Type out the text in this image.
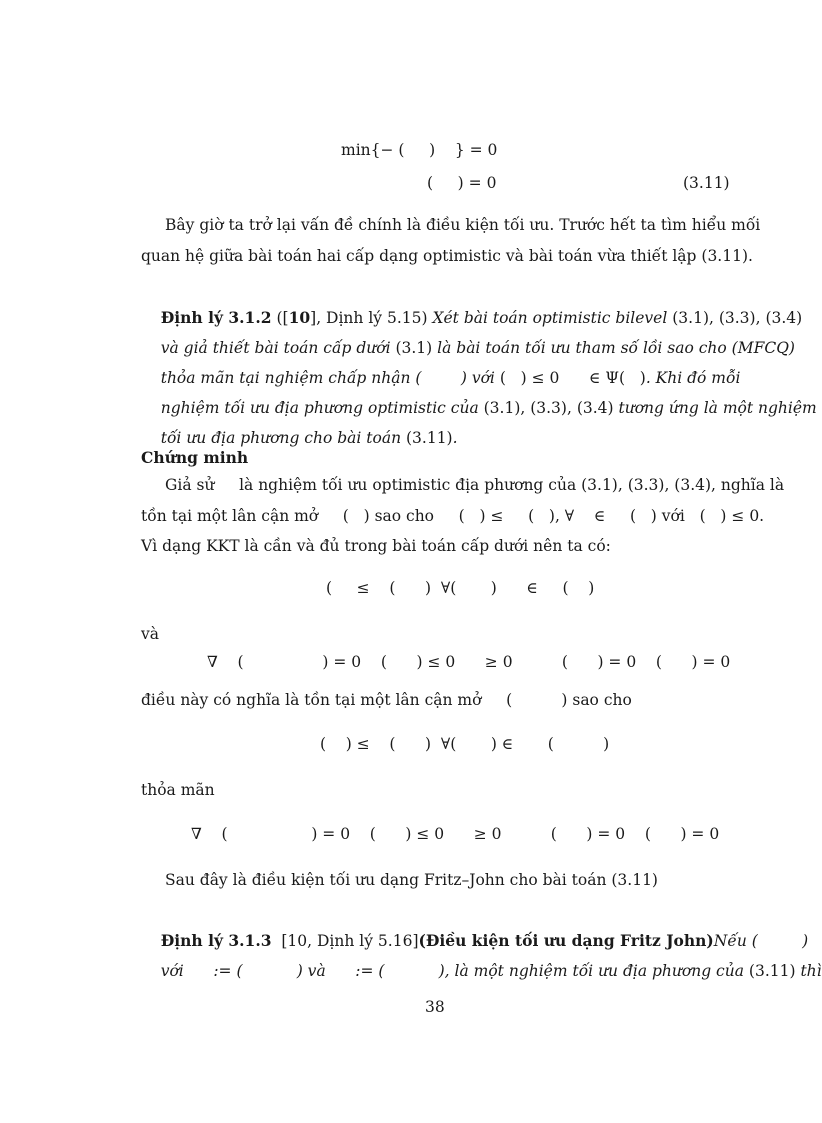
min{− (     )    } = 0
(     ) = 0	(3.11)
Bây giờ ta trở lại vấn đề chính là điều kiện tối ưu. Trước hết ta tìm hiểu mối
quan hệ giữa bài toán hai cấp dạng optimistic và bài toán vừa thiết lập (3.11).

Định lý 3.1.2 ([10], Dịnh lý 5.15) Xét bài toán optimistic bilevel (3.1), (3.3), (3.4)

và giả thiết bài toán cấp dưới (3.1) là bài toán tối ưu tham số lồi sao cho (MFCQ)

thỏa mãn tại nghiệm chấp nhận (        ) với (   ) ≤ 0      ∈ Ψ(   ). Khi đó mỗi

nghiệm tối ưu địa phương optimistic của (3.1), (3.3), (3.4) tương ứng là một nghiệm

tối ưu địa phương cho bài toán (3.11).

Chứng minh
Giả sử     là nghiệm tối ưu optimistic địa phương của (3.1), (3.3), (3.4), nghĩa là
tồn tại một lân cận mở     (   ) sao cho     (   ) ≤     (   ), ∀    ∈     (   ) với   (   ) ≤ 0.
Vì dạng KKT là cần và đủ trong bài toán cấp dưới nên ta có:
(     ≤    (      )  ∀(       )      ∈     (    )
và
∇    (                ) = 0    (      ) ≤ 0      ≥ 0          (      ) = 0    (      ) = 0
điều này có nghĩa là tồn tại một lân cận mở     (          ) sao cho
(    ) ≤    (      )  ∀(       ) ∈       (          )
thỏa mãn
∇    (                 ) = 0    (      ) ≤ 0      ≥ 0          (      ) = 0    (      ) = 0
Sau đây là điều kiện tối ưu dạng Fritz–John cho bài toán (3.11)

Định lý 3.1.3  [10, Dịnh lý 5.16](Điều kiện tối ưu dạng Fritz John)Nếu (         )

với      := (           ) và      := (           ), là một nghiệm tối ưu địa phương của (3.11) thì

38
